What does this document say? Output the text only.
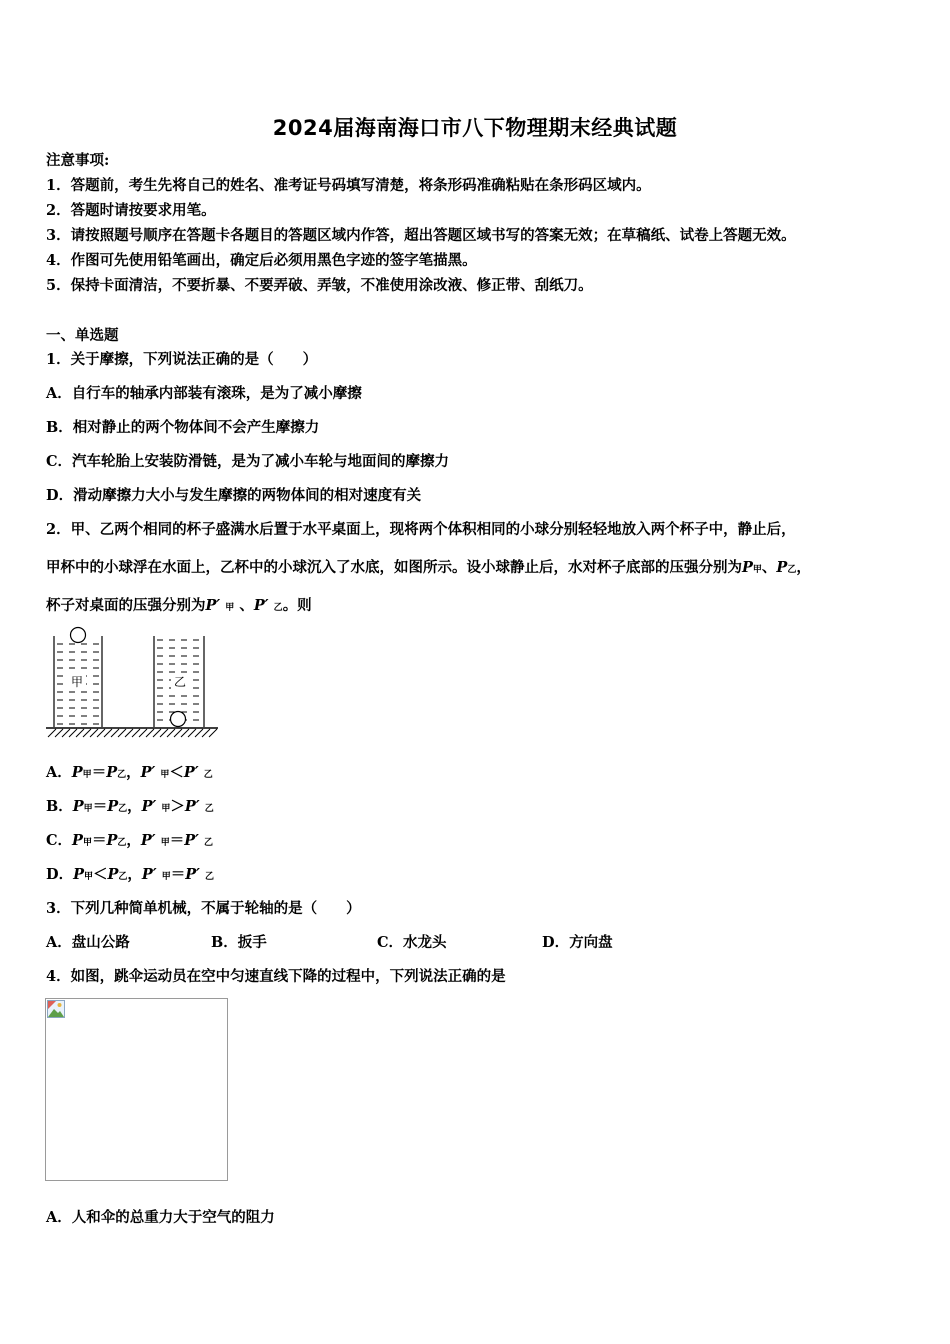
2024届海南海口市八下物理期末经典试题
注意事项:
1．答题前，考生先将自己的姓名、准考证号码填写清楚，将条形码准确粘贴在条形码区域内。
2．答题时请按要求用笔。
3．请按照题号顺序在答题卡各题目的答题区域内作答，超出答题区域书写的答案无效；在草稿纸、试卷上答题无效。
4．作图可先使用铅笔画出，确定后必须用黑色字迹的签字笔描黑。
5．保持卡面清洁，不要折暴、不要弄破、弄皱，不准使用涂改液、修正带、刮纸刀。
一、单选题
1．关于摩擦，下列说法正确的是（　　）
A．自行车的轴承内部装有滚珠，是为了减小摩擦
B．相对静止的两个物体间不会产生摩擦力
C．汽车轮胎上安装防滑链，是为了减小车轮与地面间的摩擦力
D．滑动摩擦力大小与发生摩擦的两物体间的相对速度有关
2．甲、乙两个相同的杯子盛满水后置于水平桌面上，现将两个体积相同的小球分别轻轻地放入两个杯子中，静止后，
甲杯中的小球浮在水面上，乙杯中的小球沉入了水底，如图所示。设小球静止后，水对杯子底部的压强分别为P甲、P乙，
杯子对桌面的压强分别为P′ 甲 、P′ 乙。则
甲	乙
A．P甲＝P乙，P′ 甲＜P′ 乙
B．P甲＝P乙，P′ 甲＞P′ 乙
C．P甲＝P乙，P′ 甲＝P′ 乙
D．P甲＜P乙，P′ 甲＝P′ 乙
3．下列几种简单机械，不属于轮轴的是（　　）
A．盘山公路	B．扳手	C．水龙头	D．方向盘
4．如图，跳伞运动员在空中匀速直线下降的过程中，下列说法正确的是
A．人和伞的总重力大于空气的阻力
